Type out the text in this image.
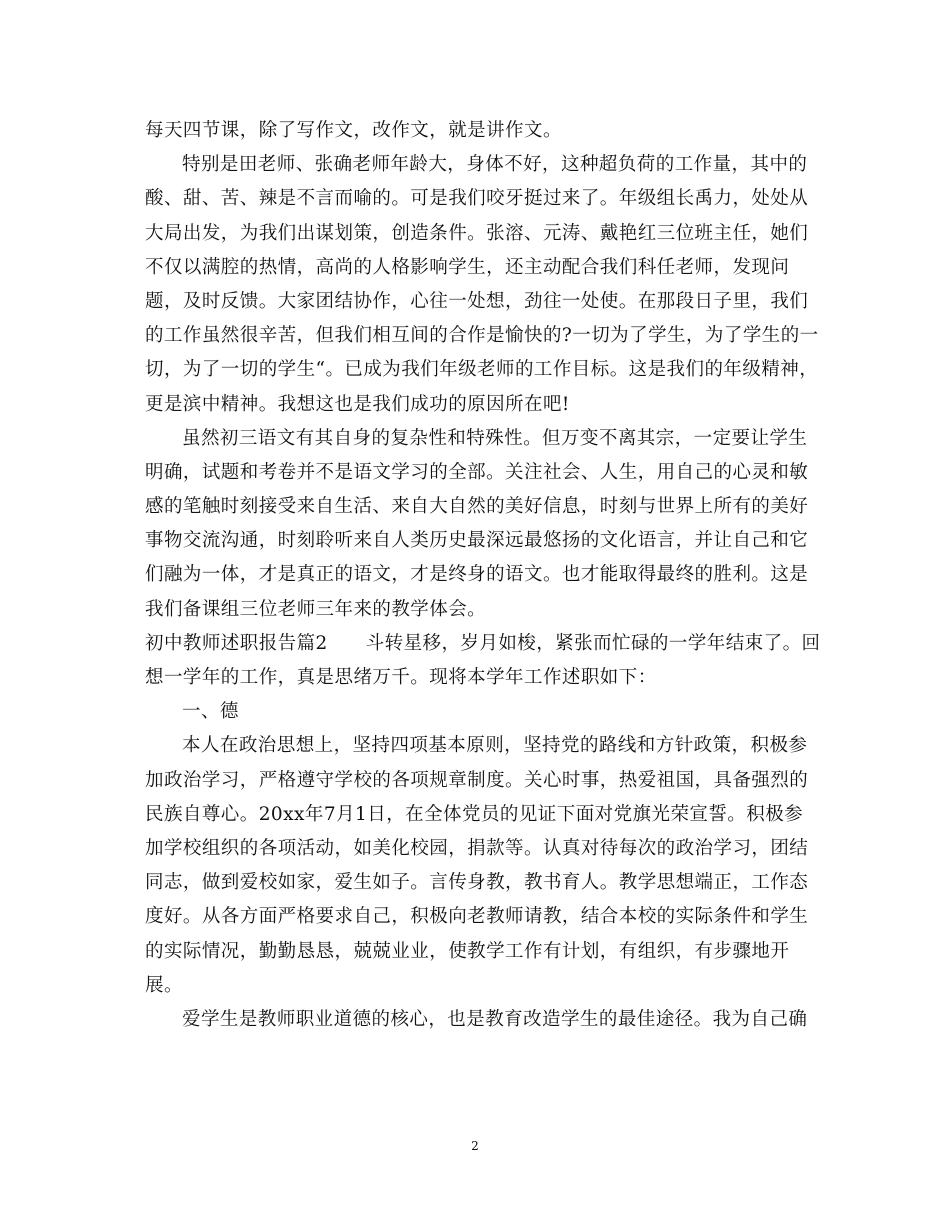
每天四节课，除了写作文，改作文，就是讲作文。
特别是田老师、张确老师年龄大，身体不好，这种超负荷的工作量，其中的
酸、甜、苦、辣是不言而喻的。可是我们咬牙挺过来了。年级组长禹力，处处从
大局出发，为我们出谋划策，创造条件。张溶、元涛、戴艳红三位班主任，她们
不仅以满腔的热情，高尚的人格影响学生，还主动配合我们科任老师，发现问
题，及时反馈。大家团结协作，心往一处想，劲往一处使。在那段日子里，我们
的工作虽然很辛苦，但我们相互间的合作是愉快的?一切为了学生，为了学生的一
切，为了一切的学生“。已成为我们年级老师的工作目标。这是我们的年级精神，
更是滨中精神。我想这也是我们成功的原因所在吧!
虽然初三语文有其自身的复杂性和特殊性。但万变不离其宗，一定要让学生
明确，试题和考卷并不是语文学习的全部。关注社会、人生，用自己的心灵和敏
感的笔触时刻接受来自生活、来自大自然的美好信息，时刻与世界上所有的美好
事物交流沟通，时刻聆听来自人类历史最深远最悠扬的文化语言，并让自己和它
们融为一体，才是真正的语文，才是终身的语文。也才能取得最终的胜利。这是
我们备课组三位老师三年来的教学体会。
初中教师述职报告篇2　　斗转星移，岁月如梭，紧张而忙碌的一学年结束了。回
想一学年的工作，真是思绪万千。现将本学年工作述职如下：
一、德
本人在政治思想上，坚持四项基本原则，坚持党的路线和方针政策，积极参
加政治学习，严格遵守学校的各项规章制度。关心时事，热爱祖国，具备强烈的
民族自尊心。20xx年7月1日，在全体党员的见证下面对党旗光荣宣誓。积极参
加学校组织的各项活动，如美化校园，捐款等。认真对待每次的政治学习，团结
同志，做到爱校如家，爱生如子。言传身教，教书育人。教学思想端正，工作态
度好。从各方面严格要求自己，积极向老教师请教，结合本校的实际条件和学生
的实际情况，勤勤恳恳，兢兢业业，使教学工作有计划，有组织，有步骤地开
展。
爱学生是教师职业道德的核心，也是教育改造学生的最佳途径。我为自己确
2
